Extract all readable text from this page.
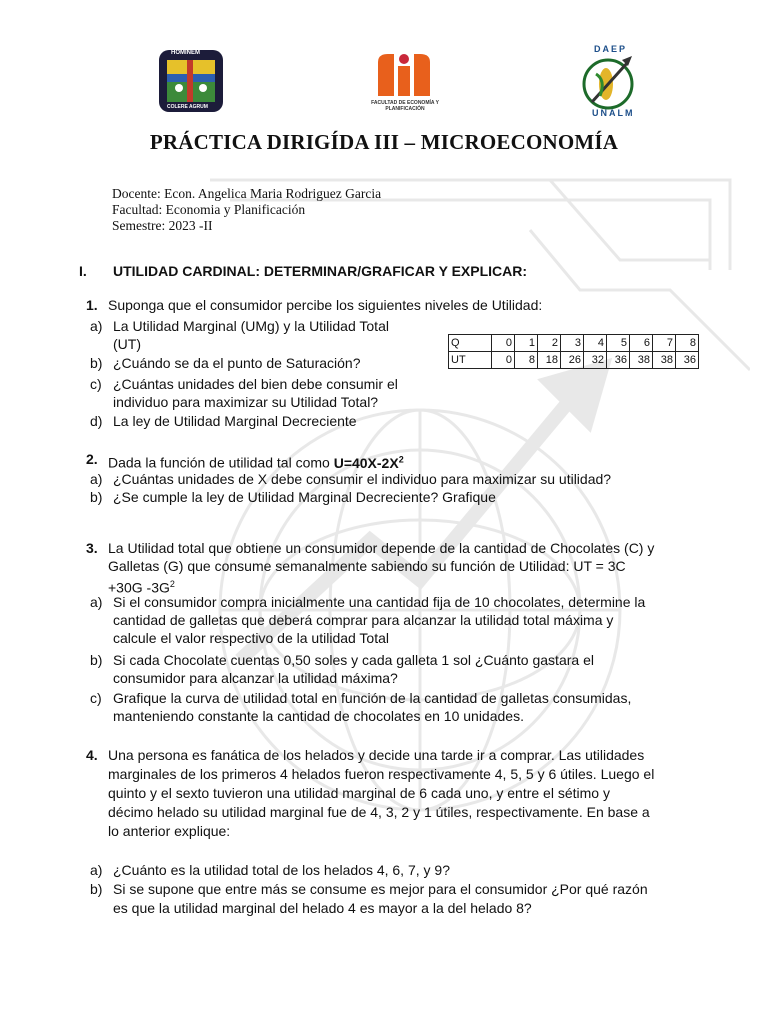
HOMINEM
COLERE AGRUM
FACULTAD DE ECONOMÍA Y PLANIFICACIÓN
DAEP
UNALM
PRÁCTICA DIRIGÍDA III – MICROECONOMÍA
Docente: Econ. Angelica Maria Rodriguez Garcia
Facultad: Economia y Planificación
Semestre: 2023 -II
I. UTILIDAD CARDINAL: DETERMINAR/GRAFICAR Y EXPLICAR:
1. Suponga que el consumidor percibe los siguientes niveles de Utilidad:
a) La Utilidad Marginal (UMg) y la Utilidad Total
(UT)
b) ¿Cuándo se da el punto de Saturación?
c) ¿Cuántas unidades del bien debe consumir el
individuo para maximizar su Utilidad Total?
d) La ley de Utilidad Marginal Decreciente
Q	0	1	2	3	4	5	6	7	8
UT	0	8	18	26	32	36	38	38	36
2. Dada la función de utilidad tal como $U=40X-2X^2$
a) ¿Cuántas unidades de X debe consumir el individuo para maximizar su utilidad?
b) ¿Se cumple la ley de Utilidad Marginal Decreciente? Grafique
3. La Utilidad total que obtiene un consumidor depende de la cantidad de Chocolates (C) y
Galletas (G) que consume semanalmente sabiendo su función de Utilidad: UT = 3C
+30G $-3G^2$
a) Si el consumidor compra inicialmente una cantidad fija de 10 chocolates, determine la
cantidad de galletas que deberá comprar para alcanzar la utilidad total máxima y
calcule el valor respectivo de la utilidad Total
b) Si cada Chocolate cuentas 0,50 soles y cada galleta 1 sol ¿Cuánto gastara el
consumidor para alcanzar la utilidad máxima?
c) Grafique la curva de utilidad total en función de la cantidad de galletas consumidas,
manteniendo constante la cantidad de chocolates en 10 unidades.
4. Una persona es fanática de los helados y decide una tarde ir a comprar. Las utilidades
marginales de los primeros 4 helados fueron respectivamente 4, 5, 5 y 6 útiles. Luego el
quinto y el sexto tuvieron una utilidad marginal de 6 cada uno, y entre el sétimo y
décimo helado su utilidad marginal fue de 4, 3, 2 y 1 útiles, respectivamente. En base a
lo anterior explique:
a) ¿Cuánto es la utilidad total de los helados 4, 6, 7, y 9?
b) Si se supone que entre más se consume es mejor para el consumidor ¿Por qué razón
es que la utilidad marginal del helado 4 es mayor a la del helado 8?
